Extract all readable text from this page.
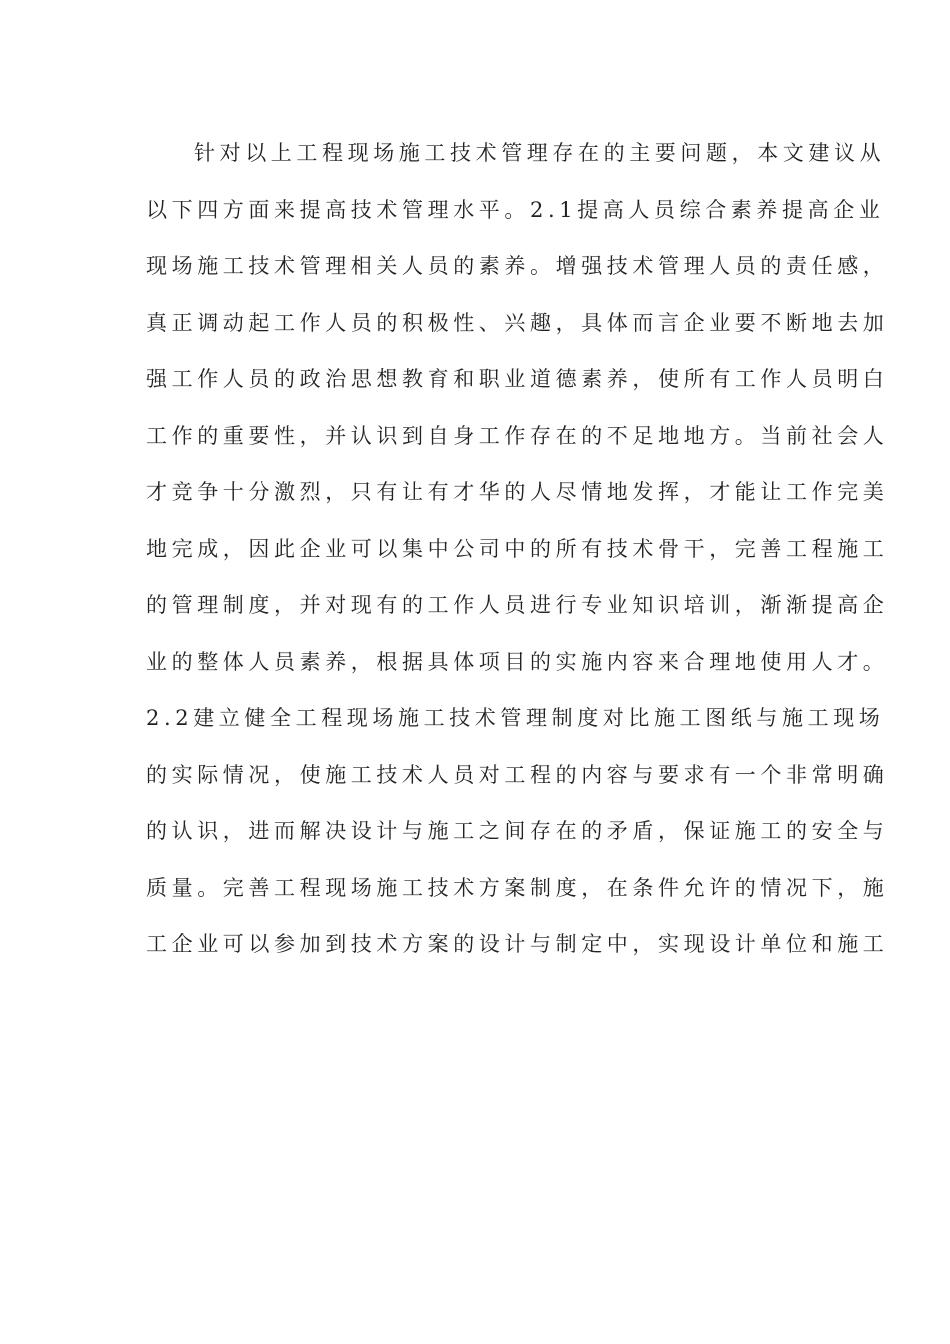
针对以上工程现场施工技术管理存在的主要问题，本文建议从
以下四方面来提高技术管理水平。2.1提高人员综合素养提高企业
现场施工技术管理相关人员的素养。增强技术管理人员的责任感，
真正调动起工作人员的积极性、兴趣，具体而言企业要不断地去加
强工作人员的政治思想教育和职业道德素养，使所有工作人员明白
工作的重要性，并认识到自身工作存在的不足地地方。当前社会人
才竞争十分激烈，只有让有才华的人尽情地发挥，才能让工作完美
地完成，因此企业可以集中公司中的所有技术骨干，完善工程施工
的管理制度，并对现有的工作人员进行专业知识培训，渐渐提高企
业的整体人员素养，根据具体项目的实施内容来合理地使用人才。
2.2建立健全工程现场施工技术管理制度对比施工图纸与施工现场
的实际情况，使施工技术人员对工程的内容与要求有一个非常明确
的认识，进而解决设计与施工之间存在的矛盾，保证施工的安全与
质量。完善工程现场施工技术方案制度，在条件允许的情况下，施
工企业可以参加到技术方案的设计与制定中，实现设计单位和施工
